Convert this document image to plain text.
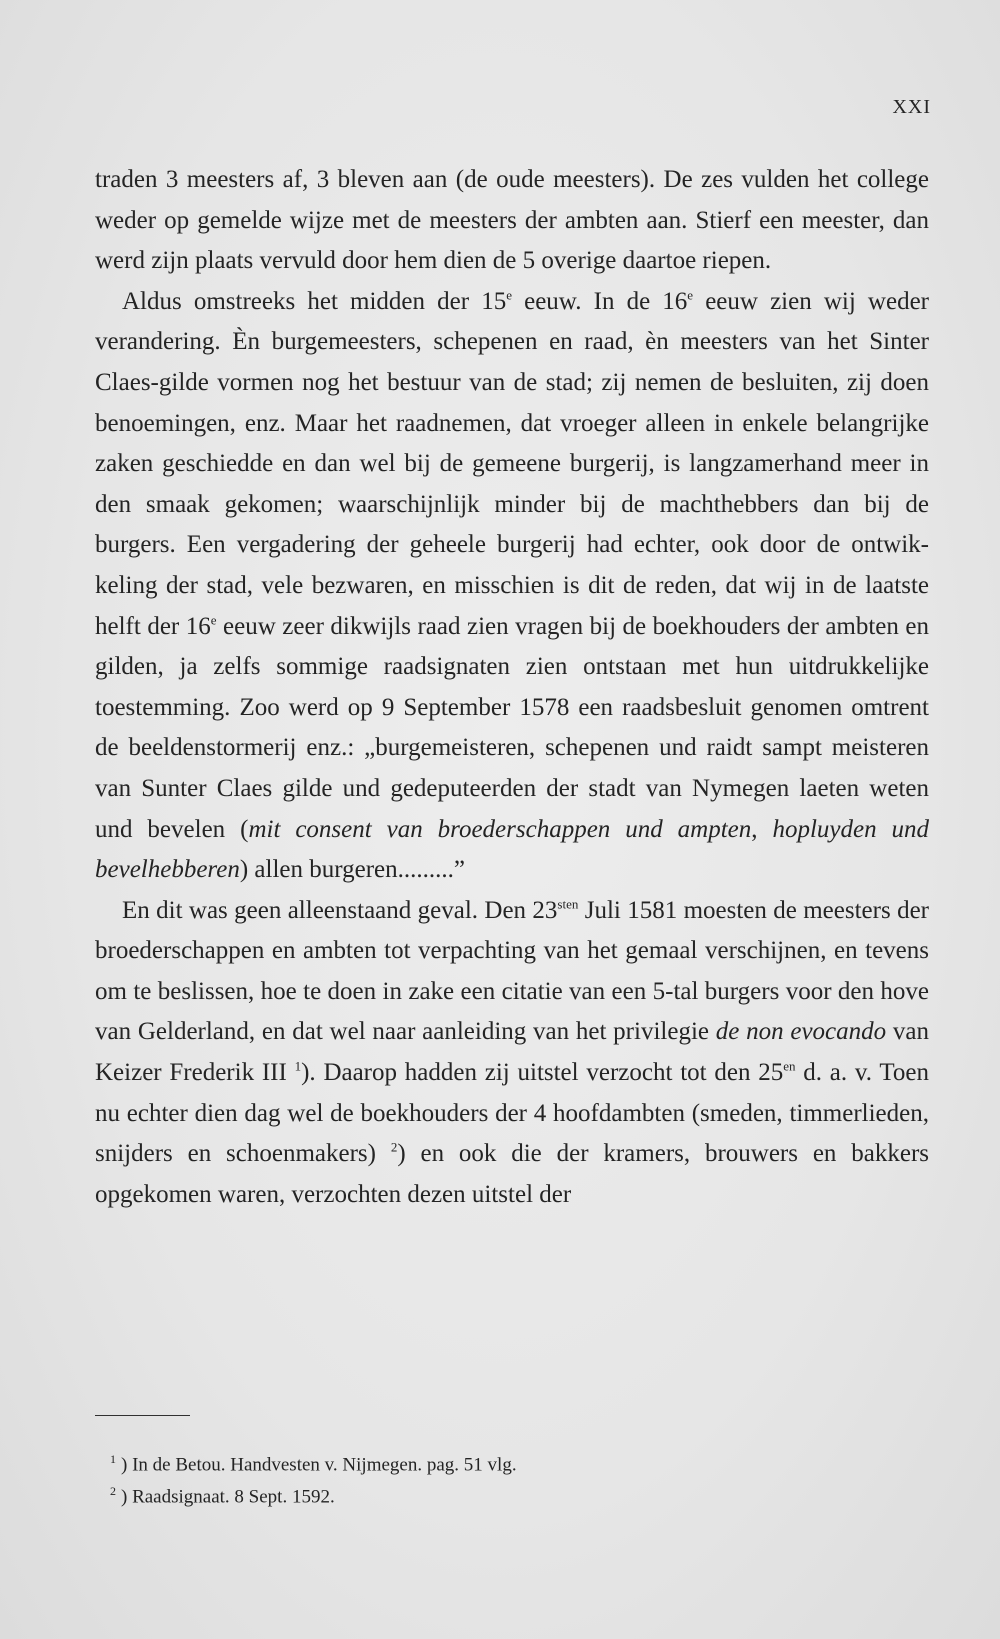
XXI

traden 3 meesters af, 3 bleven aan (de oude meesters). De zes vulden het college weder op gemelde wijze met de meesters der ambten aan. Stierf een meester, dan werd zijn plaats vervuld door hem dien de 5 overige daartoe riepen.

Aldus omstreeks het midden der 15e eeuw. In de 16e eeuw zien wij weder verandering. Èn burgemeesters, schepenen en raad, èn meesters van het Sinter Claes-gilde vormen nog het bestuur van de stad; zij nemen de besluiten, zij doen benoemingen, enz. Maar het raadnemen, dat vroeger alleen in enkele belangrijke zaken geschiedde en dan wel bij de gemeene burgerij, is langzamerhand meer in den smaak gekomen; waarschijnlijk minder bij de machthebbers dan bij de burgers. Een vergadering der geheele burgerij had echter, ook door de ontwikkeling der stad, vele bezwaren, en misschien is dit de reden, dat wij in de laatste helft der 16e eeuw zeer dikwijls raad zien vragen bij de boekhouders der ambten en gilden, ja zelfs sommige raadsignaten zien ontstaan met hun uitdrukkelijke toestemming. Zoo werd op 9 September 1578 een raadsbesluit genomen omtrent de beeldenstormerij enz.: „burgemeisteren, schepenen und raidt sampt meisteren van Sunter Claes gilde und gedeputeerden der stadt van Nymegen laeten weten und bevelen (mit consent van broederschappen und ampten, hopluyden und bevelhebberen) allen burgeren.........”

En dit was geen alleenstaand geval. Den $23^{sten}$ Juli 1581 moesten de meesters der broederschappen en ambten tot verpachting van het gemaal verschijnen, en tevens om te beslissen, hoe te doen in zake een citatie van een 5-tal burgers voor den hove van Gelderland, en dat wel naar aanleiding van het privilegie de non evocando van Keizer Frederik III $^1$). Daarop hadden zij uitstel verzocht tot den $25^{en}$ d. a. v. Toen nu echter dien dag wel de boekhouders der 4 hoofdambten (smeden, timmerlieden, snijders en schoenmakers) $^2$) en ook die der kramers, brouwers en bakkers opgekomen waren, verzochten dezen uitstel der

$^1$ ) In de Betou. Handvesten v. Nijmegen. pag. 51 vlg.

$^2$ ) Raadsignaat. 8 Sept. 1592.
